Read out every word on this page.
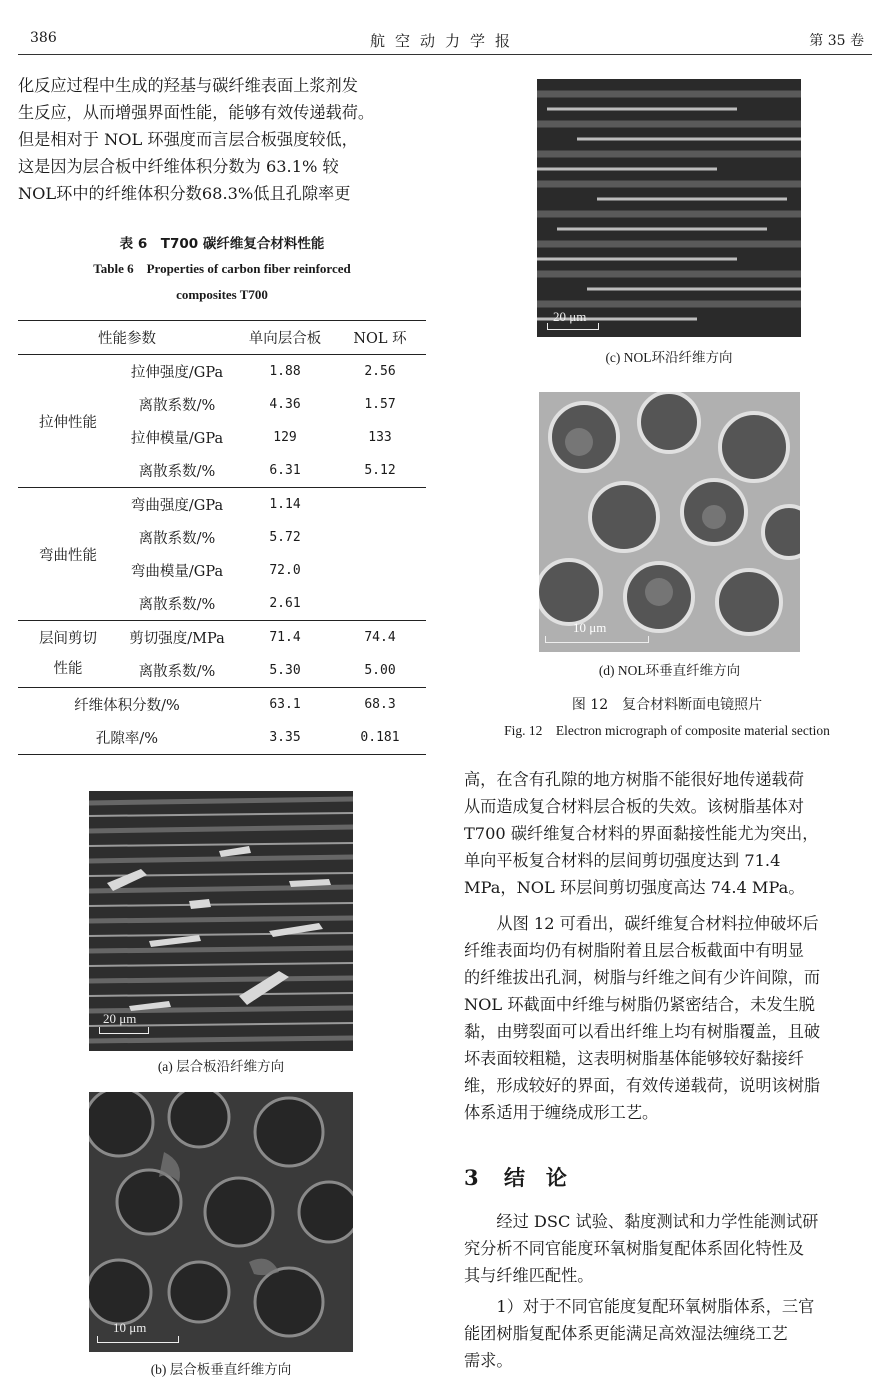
386	航空动力学报	第 35 卷

化反应过程中生成的羟基与碳纤维表面上浆剂发

生反应，从而增强界面性能，能够有效传递载荷。

但是相对于 NOL 环强度而言层合板强度较低，

这是因为层合板中纤维体积分数为 63.1% 较

NOL环中的纤维体积分数68.3%低且孔隙率更

表 6　T700 碳纤维复合材料性能
Table 6　Properties of carbon fiber reinforced
composites T700
性能参数		单向层合板	NOL 环
拉伸性能	拉伸强度/GPa	1.88	2.56
	离散系数/%	4.36	1.57
	拉伸模量/GPa	129	133
	离散系数/%	6.31	5.12
弯曲性能	弯曲强度/GPa	1.14	
	离散系数/%	5.72	
	弯曲模量/GPa	72.0	
	离散系数/%	2.61	

层间剪切
性能	剪切强度/MPa	71.4	74.4
	离散系数/%	5.30	5.00
纤维体积分数/%		63.1	68.3
孔隙率/%		3.35	0.181
20 μm
(a) 层合板沿纤维方向
10 μm
(b) 层合板垂直纤维方向
20 μm
(c) NOL环沿纤维方向
10 μm
(d) NOL环垂直纤维方向
图 12　复合材料断面电镜照片
Fig. 12　Electron micrograph of composite material section

高，在含有孔隙的地方树脂不能很好地传递载荷

从而造成复合材料层合板的失效。该树脂基体对

T700 碳纤维复合材料的界面黏接性能尤为突出，

单向平板复合材料的层间剪切强度达到 71.4

MPa，NOL 环层间剪切强度高达 74.4 MPa。

从图 12 可看出，碳纤维复合材料拉伸破坏后

纤维表面均仍有树脂附着且层合板截面中有明显

的纤维拔出孔洞，树脂与纤维之间有少许间隙，而

NOL 环截面中纤维与树脂仍紧密结合，未发生脱

黏，由劈裂面可以看出纤维上均有树脂覆盖，且破

坏表面较粗糙，这表明树脂基体能够较好黏接纤

维，形成较好的界面，有效传递载荷，说明该树脂

体系适用于缠绕成形工艺。

3 结　论

经过 DSC 试验、黏度测试和力学性能测试研

究分析不同官能度环氧树脂复配体系固化特性及

其与纤维匹配性。

1）对于不同官能度复配环氧树脂体系，三官

能团树脂复配体系更能满足高效湿法缠绕工艺

需求。
